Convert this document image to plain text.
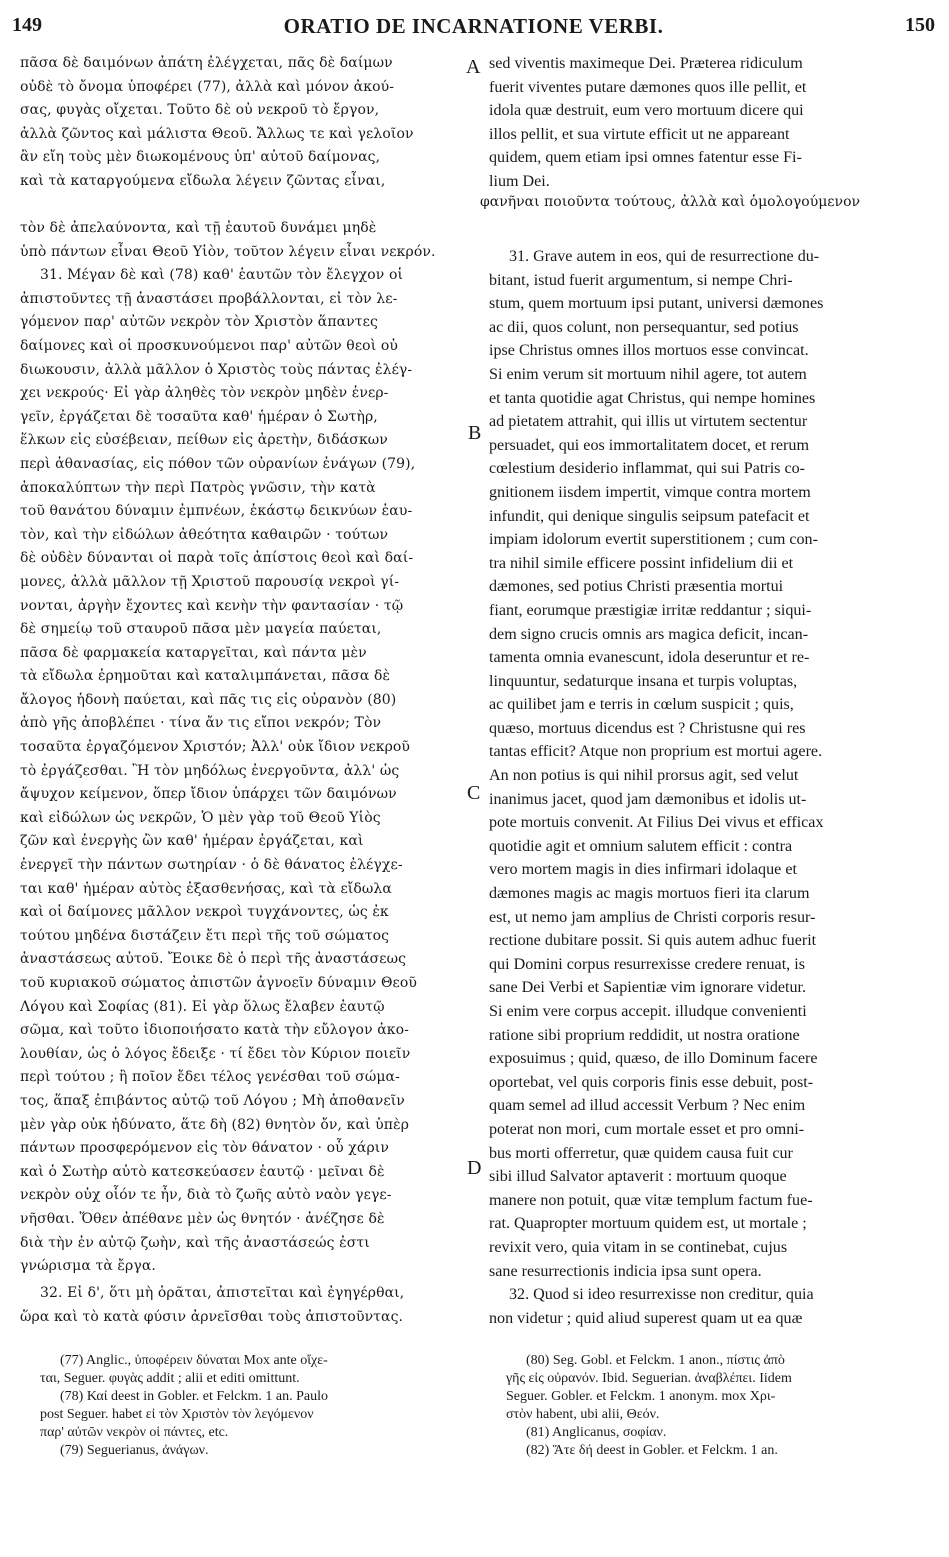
149	ORATIO DE INCARNATIONE VERBI.	150
A
B
C
D
πᾶσα δὲ δαιμόνων ἀπάτη ἐλέγχεται, πᾶς δὲ δαίμων
οὐδὲ τὸ ὄνομα ὑποφέρει (77), ἀλλὰ καὶ μόνον ἀκού-
σας, φυγὰς οἴχεται. Τοῦτο δὲ οὐ νεκροῦ τὸ ἔργον,
ἀλλὰ ζῶντος καὶ μάλιστα Θεοῦ. Ἄλλως τε καὶ γελοῖον
ἂν εἴη τοὺς μὲν διωκομένους ὑπ' αὐτοῦ δαίμονας,
καὶ τὰ καταργούμενα εἴδωλα λέγειν ζῶντας εἶναι,
sed viventis maximeque Dei. Præterea ridiculum
fuerit viventes putare dæmones quos ille pellit, et
idola quæ destruit, eum vero mortuum dicere qui
illos pellit, et sua virtute efficit ut ne appareant
quidem, quem etiam ipsi omnes fatentur esse Fi-
lium Dei.
φανῆναι ποιοῦντα τούτους, ἀλλὰ καὶ ὁμολογούμενον
τὸν δὲ ἀπελαύνοντα, καὶ τῇ ἑαυτοῦ δυνάμει μηδὲ
ὑπὸ πάντων εἶναι Θεοῦ Υἱὸν, τοῦτον λέγειν εἶναι νεκρόν.
31. Μέγαν δὲ καὶ (78) καθ' ἑαυτῶν τὸν ἔλεγχον οἱ
ἀπιστοῦντες τῇ ἀναστάσει προβάλλονται, εἰ τὸν λε-
γόμενον παρ' αὐτῶν νεκρὸν τὸν Χριστὸν ἅπαντες
δαίμονες καὶ οἱ προσκυνούμενοι παρ' αὐτῶν θεοὶ οὐ
διωκουσιν, ἀλλὰ μᾶλλον ὁ Χριστὸς τοὺς πάντας ἐλέγ-
χει νεκρούς· Εἰ γὰρ ἀληθὲς τὸν νεκρὸν μηδὲν ἐνερ-
γεῖν, ἐργάζεται δὲ τοσαῦτα καθ' ἡμέραν ὁ Σωτὴρ,
ἕλκων εἰς εὐσέβειαν, πείθων εἰς ἀρετὴν, διδάσκων
περὶ ἀθανασίας, εἰς πόθον τῶν οὐρανίων ἐνάγων (79),
ἀποκαλύπτων τὴν περὶ Πατρὸς γνῶσιν, τὴν κατὰ
τοῦ θανάτου δύναμιν ἐμπνέων, ἑκάστῳ δεικνύων ἑαυ-
τὸν, καὶ τὴν εἰδώλων ἀθεότητα καθαιρῶν · τούτων
δὲ οὐδὲν δύνανται οἱ παρὰ τοῖς ἀπίστοις θεοὶ καὶ δαί-
μονες, ἀλλὰ μᾶλλον τῇ Χριστοῦ παρουσίᾳ νεκροὶ γί-
νονται, ἀργὴν ἔχοντες καὶ κενὴν τὴν φαντασίαν · τῷ
δὲ σημείῳ τοῦ σταυροῦ πᾶσα μὲν μαγεία παύεται,
πᾶσα δὲ φαρμακεία καταργεῖται, καὶ πάντα μὲν
τὰ εἴδωλα ἐρημοῦται καὶ καταλιμπάνεται, πᾶσα δὲ
ἄλογος ἡδονὴ παύεται, καὶ πᾶς τις εἰς οὐρανὸν (80)
ἀπὸ γῆς ἀποβλέπει · τίνα ἄν τις εἴποι νεκρόν; Τὸν
τοσαῦτα ἐργαζόμενον Χριστόν; Ἀλλ' οὐκ ἴδιον νεκροῦ
τὸ ἐργάζεσθαι. Ἢ τὸν μηδόλως ἐνεργοῦντα, ἀλλ' ὡς
ἄψυχον κείμενον, ὅπερ ἴδιον ὑπάρχει τῶν δαιμόνων
καὶ εἰδώλων ὡς νεκρῶν, Ὁ μὲν γὰρ τοῦ Θεοῦ Υἱὸς
ζῶν καὶ ἐνεργὴς ὢν καθ' ἡμέραν ἐργάζεται, καὶ
ἐνεργεῖ τὴν πάντων σωτηρίαν · ὁ δὲ θάνατος ἐλέγχε-
ται καθ' ἡμέραν αὐτὸς ἐξασθενήσας, καὶ τὰ εἴδωλα
καὶ οἱ δαίμονες μᾶλλον νεκροὶ τυγχάνοντες, ὡς ἐκ
τούτου μηδένα διστάζειν ἔτι περὶ τῆς τοῦ σώματος
ἀναστάσεως αὐτοῦ. Ἔοικε δὲ ὁ περὶ τῆς ἀναστάσεως
τοῦ κυριακοῦ σώματος ἀπιστῶν ἀγνοεῖν δύναμιν Θεοῦ
Λόγου καὶ Σοφίας (81). Εἰ γὰρ ὅλως ἔλαβεν ἑαυτῷ
σῶμα, καὶ τοῦτο ἰδιοποιήσατο κατὰ τὴν εὔλογον ἀκο-
λουθίαν, ὡς ὁ λόγος ἔδειξε · τί ἔδει τὸν Κύριον ποιεῖν
περὶ τούτου ; ἢ ποῖον ἔδει τέλος γενέσθαι τοῦ σώμα-
τος, ἅπαξ ἐπιβάντος αὐτῷ τοῦ Λόγου ; Μὴ ἀποθανεῖν
μὲν γὰρ οὐκ ἠδύνατο, ἅτε δὴ (82) θνητὸν ὄν, καὶ ὑπὲρ
πάντων προσφερόμενον εἰς τὸν θάνατον · οὗ χάριν
καὶ ὁ Σωτὴρ αὐτὸ κατεσκεύασεν ἑαυτῷ · μεῖναι δὲ
νεκρὸν οὐχ οἷόν τε ἦν, διὰ τὸ ζωῆς αὐτὸ ναὸν γεγε-
νῆσθαι. Ὅθεν ἀπέθανε μὲν ὡς θνητόν · ἀνέζησε δὲ
διὰ τὴν ἐν αὐτῷ ζωὴν, καὶ τῆς ἀναστάσεώς ἐστι
γνώρισμα τὰ ἔργα.
32. Εἰ δ', ὅτι μὴ ὁρᾶται, ἀπιστεῖται καὶ ἐγηγέρθαι,
ὥρα καὶ τὸ κατὰ φύσιν ἀρνεῖσθαι τοὺς ἀπιστοῦντας.
31. Grave autem in eos, qui de resurrectione du-
bitant, istud fuerit argumentum, si nempe Chri-
stum, quem mortuum ipsi putant, universi dæmones
ac dii, quos colunt, non persequantur, sed potius
ipse Christus omnes illos mortuos esse convincat.
Si enim verum sit mortuum nihil agere, tot autem
et tanta quotidie agat Christus, qui nempe homines
ad pietatem attrahit, qui illis ut virtutem sectentur
persuadet, qui eos immortalitatem docet, et rerum
cœlestium desiderio inflammat, qui sui Patris co-
gnitionem iisdem impertit, vimque contra mortem
infundit, qui denique singulis seipsum patefacit et
impiam idolorum evertit superstitionem ; cum con-
tra nihil simile efficere possint infidelium dii et
dæmones, sed potius Christi præsentia mortui
fiant, eorumque præstigiæ irritæ reddantur ; siqui-
dem signo crucis omnis ars magica deficit, incan-
tamenta omnia evanescunt, idola deseruntur et re-
linquuntur, sedaturque insana et turpis voluptas,
ac quilibet jam e terris in cœlum suspicit ; quis,
quæso, mortuus dicendus est ? Christusne qui res
tantas efficit? Atque non proprium est mortui agere.
An non potius is qui nihil prorsus agit, sed velut
inanimus jacet, quod jam dæmonibus et idolis ut-
pote mortuis convenit. At Filius Dei vivus et efficax
quotidie agit et omnium salutem efficit : contra
vero mortem magis in dies infirmari idolaque et
dæmones magis ac magis mortuos fieri ita clarum
est, ut nemo jam amplius de Christi corporis resur-
rectione dubitare possit. Si quis autem adhuc fuerit
qui Domini corpus resurrexisse credere renuat, is
sane Dei Verbi et Sapientiæ vim ignorare videtur.
Si enim vere corpus accepit. illudque convenienti
ratione sibi proprium reddidit, ut nostra oratione
exposuimus ; quid, quæso, de illo Dominum facere
oportebat, vel quis corporis finis esse debuit, post-
quam semel ad illud accessit Verbum ? Nec enim
poterat non mori, cum mortale esset et pro omni-
bus morti offerretur, quæ quidem causa fuit cur
sibi illud Salvator aptaverit : mortuum quoque
manere non potuit, quæ vitæ templum factum fue-
rat. Quapropter mortuum quidem est, ut mortale ;
revixit vero, quia vitam in se continebat, cujus
sane resurrectionis indicia ipsa sunt opera.
32. Quod si ideo resurrexisse non creditur, quia
non videtur ; quid aliud superest quam ut ea quæ
(77) Anglic., ὑποφέρειν δύναται Mox ante οἴχε-
ται, Seguer. φυγὰς addit ; alii et editi omittunt.
(78) Καί deest in Gobler. et Felckm. 1 an. Paulo
post Seguer. habet εἰ τὸν Χριστὸν τὸν λεγόμενον
παρ' αὐτῶν νεκρὸν οἱ πάντες, etc.
(79) Seguerianus, ἀνάγων.
(80) Seg. Gobl. et Felckm. 1 anon., πίστις ἀπὸ
γῆς εἰς οὐρανόν. Ibid. Seguerian. ἀναβλέπει. Iidem
Seguer. Gobler. et Felckm. 1 anonym. mox Χρι-
στὸν habent, ubi alii, Θεόν.
(81) Anglicanus, σοφίαν.
(82) Ἅτε δή deest in Gobler. et Felckm. 1 an.
